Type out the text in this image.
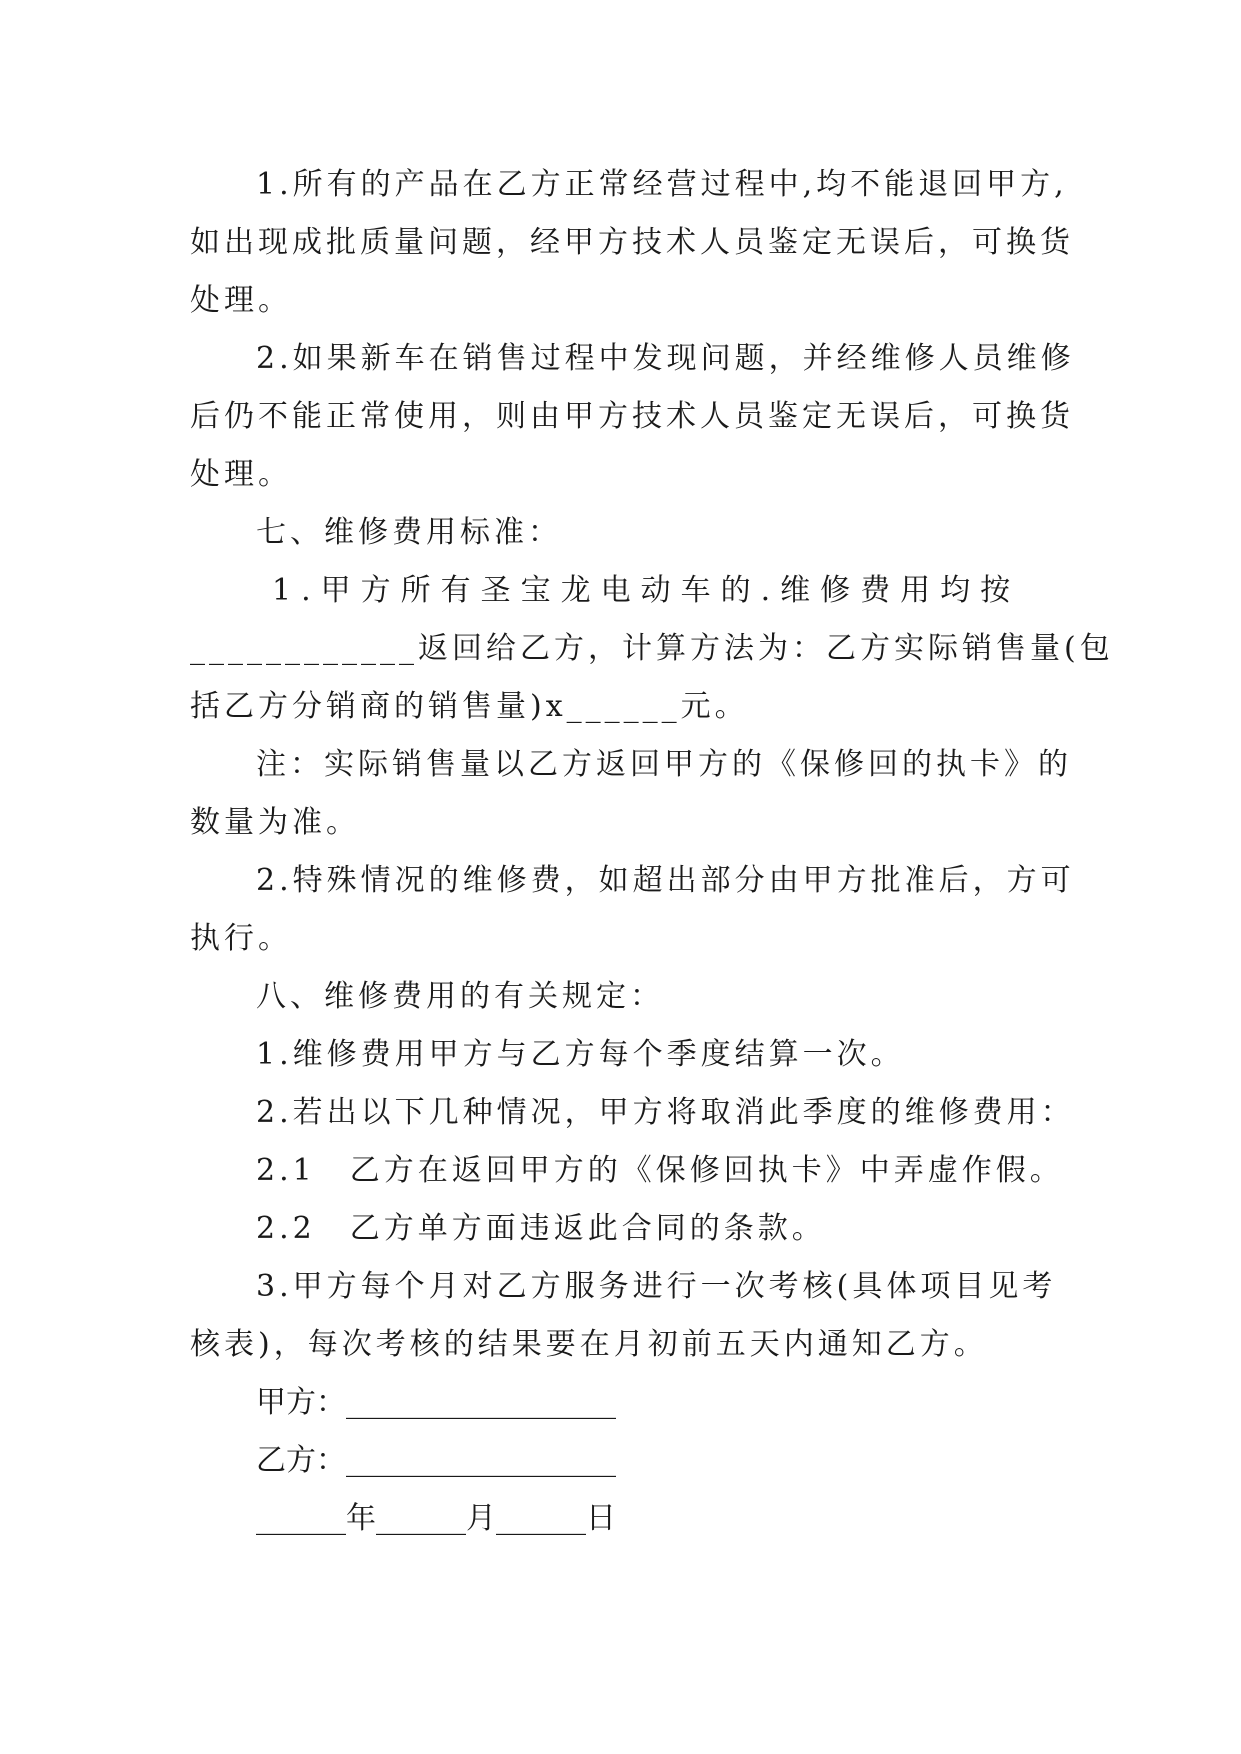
1.所有的产品在乙方正常经营过程中,均不能退回甲方,
如出现成批质量问题，经甲方技术人员鉴定无误后，可换货
处理。
2.如果新车在销售过程中发现问题，并经维修人员维修
后仍不能正常使用，则由甲方技术人员鉴定无误后，可换货
处理。
七、维修费用标准：
1.甲方所有圣宝龙电动车的.维修费用均按
____________返回给乙方，计算方法为：乙方实际销售量(包
括乙方分销商的销售量)x______元。
注：实际销售量以乙方返回甲方的《保修回的执卡》的
数量为准。
2.特殊情况的维修费，如超出部分由甲方批准后，方可
执行。
八、维修费用的有关规定：
1.维修费用甲方与乙方每个季度结算一次。
2.若出以下几种情况，甲方将取消此季度的维修费用：
2.1　乙方在返回甲方的《保修回执卡》中弄虚作假。
2.2　乙方单方面违返此合同的条款。
3.甲方每个月对乙方服务进行一次考核(具体项目见考
核表)，每次考核的结果要在月初前五天内通知乙方。
甲方：__________________
乙方：__________________
______年______月______日
